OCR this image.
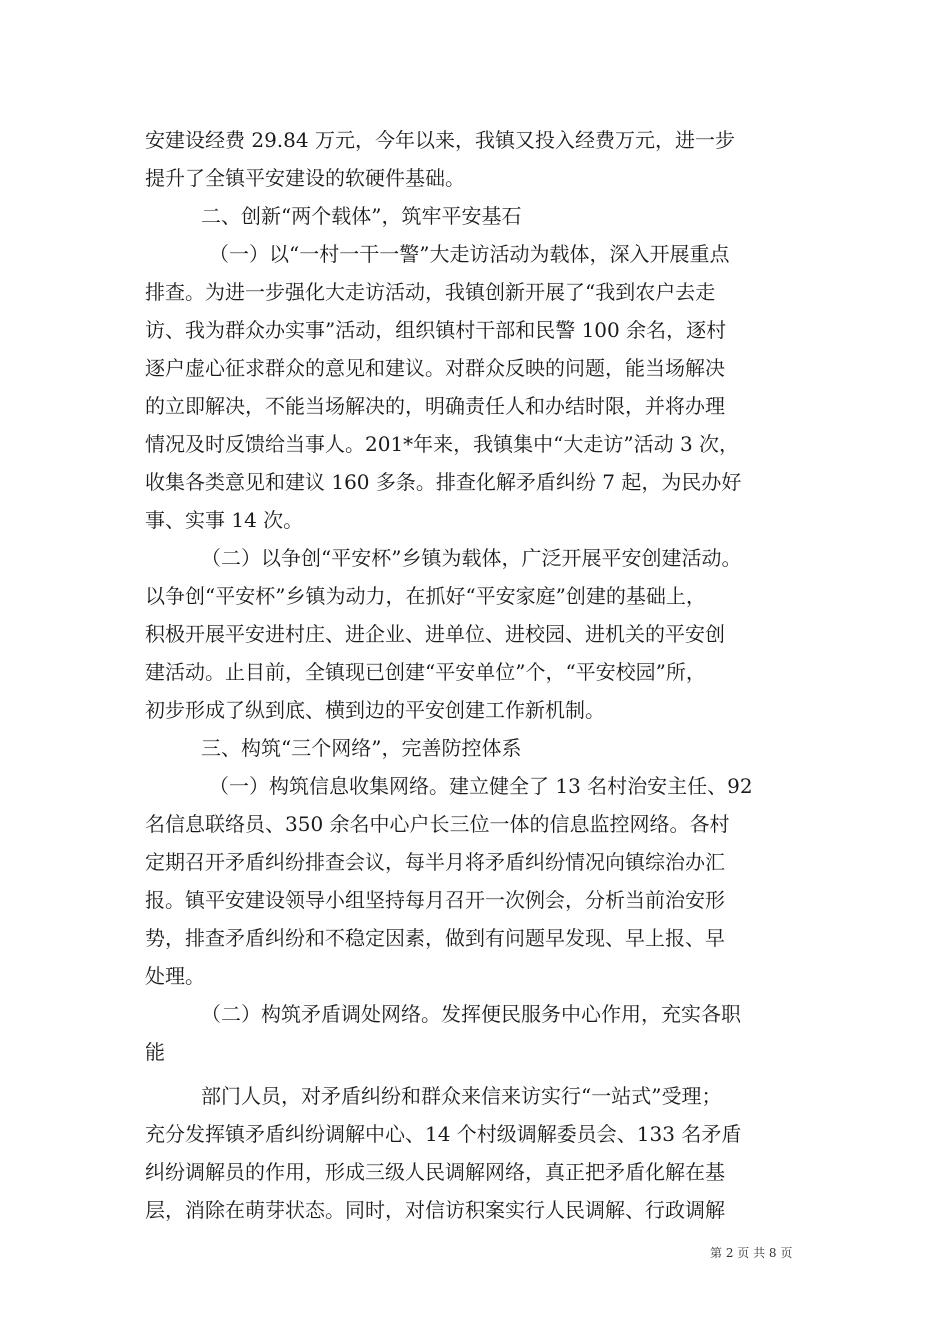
安建设经费 29.84 万元，今年以来，我镇又投入经费万元，进一步
提升了全镇平安建设的软硬件基础。
二、创新“两个载体”，筑牢平安基石
（一）以“一村一干一警”大走访活动为载体，深入开展重点
排查。为进一步强化大走访活动，我镇创新开展了“我到农户去走
访、我为群众办实事”活动，组织镇村干部和民警 100 余名，逐村
逐户虚心征求群众的意见和建议。对群众反映的问题，能当场解决
的立即解决，不能当场解决的，明确责任人和办结时限，并将办理
情况及时反馈给当事人。201*年来，我镇集中“大走访”活动 3 次，
收集各类意见和建议 160 多条。排查化解矛盾纠纷 7 起，为民办好
事、实事 14 次。
（二）以争创“平安杯”乡镇为载体，广泛开展平安创建活动。
以争创“平安杯”乡镇为动力，在抓好“平安家庭”创建的基础上，
积极开展平安进村庄、进企业、进单位、进校园、进机关的平安创
建活动。止目前，全镇现已创建“平安单位”个，“平安校园”所，
初步形成了纵到底、横到边的平安创建工作新机制。
三、构筑“三个网络”，完善防控体系
（一）构筑信息收集网络。建立健全了 13 名村治安主任、92
名信息联络员、350 余名中心户长三位一体的信息监控网络。各村
定期召开矛盾纠纷排查会议，每半月将矛盾纠纷情况向镇综治办汇
报。镇平安建设领导小组坚持每月召开一次例会，分析当前治安形
势，排查矛盾纠纷和不稳定因素，做到有问题早发现、早上报、早
处理。
（二）构筑矛盾调处网络。发挥便民服务中心作用，充实各职
能
部门人员，对矛盾纠纷和群众来信来访实行“一站式”受理；
充分发挥镇矛盾纠纷调解中心、14 个村级调解委员会、133 名矛盾
纠纷调解员的作用，形成三级人民调解网络，真正把矛盾化解在基
层，消除在萌芽状态。同时，对信访积案实行人民调解、行政调解
第 2 页 共 8 页
